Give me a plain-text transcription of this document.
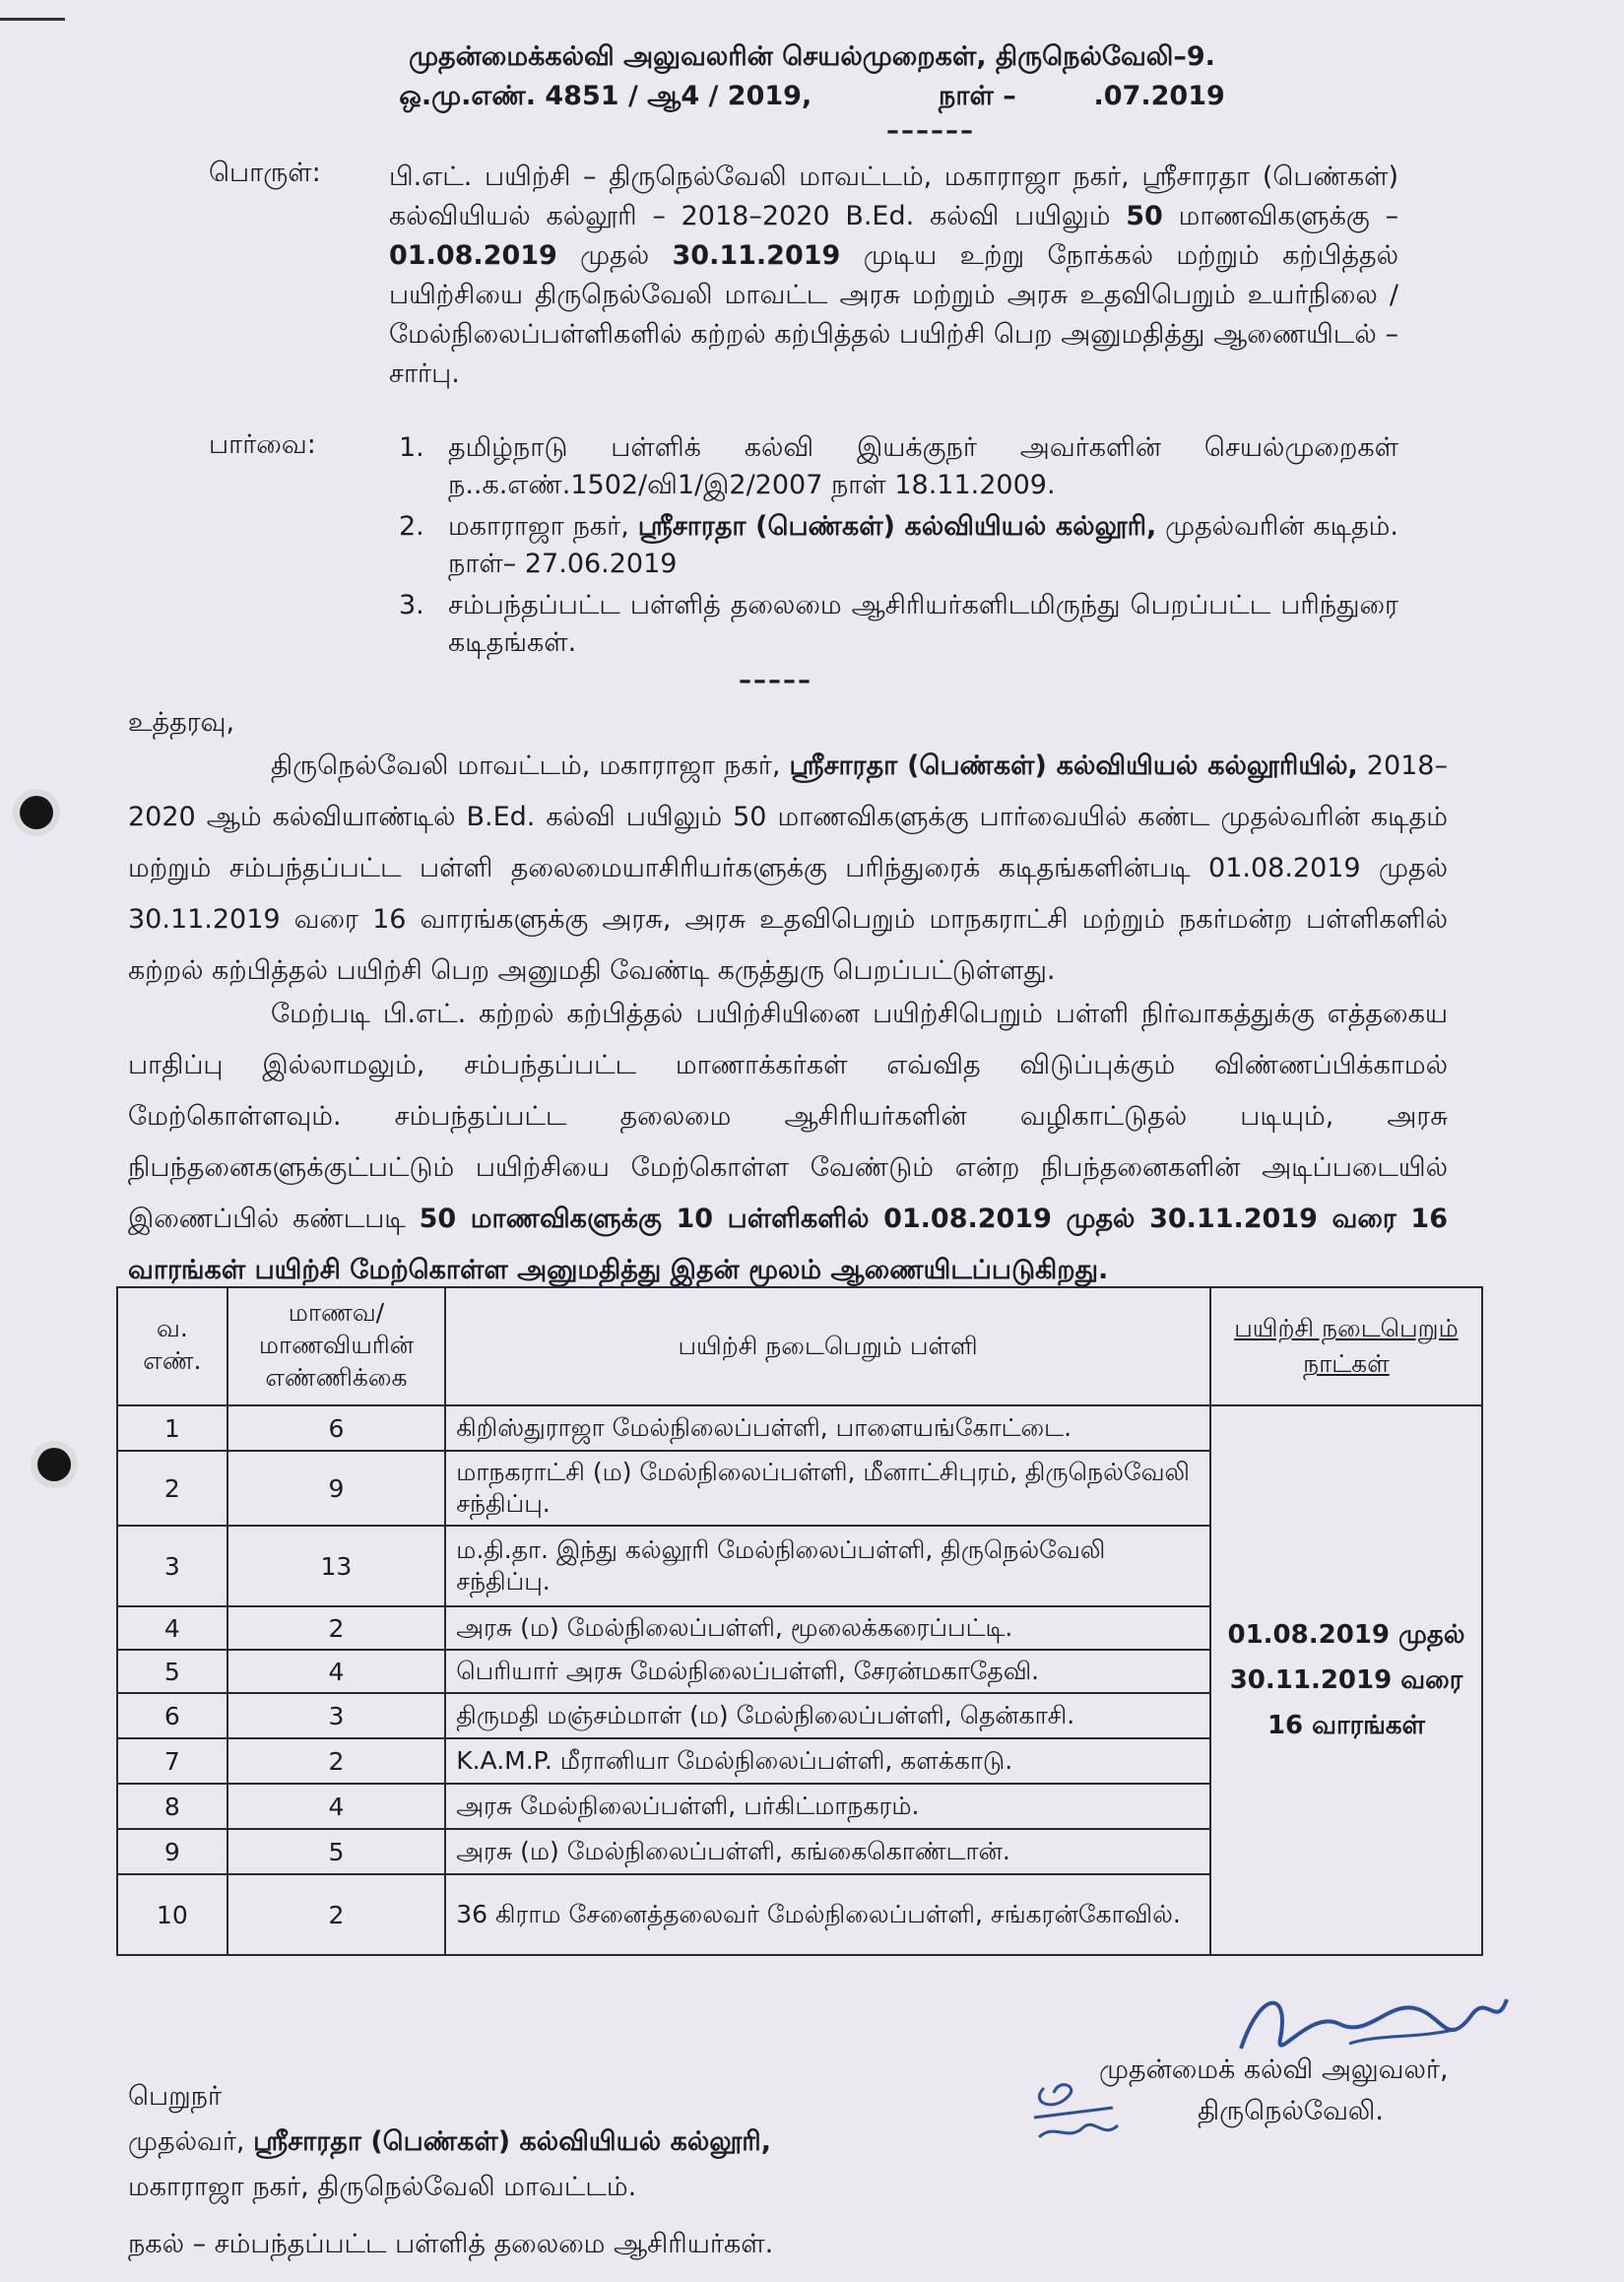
முதன்மைக்கல்வி அலுவலரின் செயல்முறைகள், திருநெல்வேலி–9.
ஒ.மு.எண். 4851 / ஆ4 / 2019,	நாள் –	.07.2019
––––––
பொருள்:	பி.எட். பயிற்சி – திருநெல்வேலி மாவட்டம், மகாராஜா நகர், ஸ்ரீசாரதா (பெண்கள்) கல்வியியல் கல்லூரி – 2018–2020 B.Ed. கல்வி பயிலும் 50 மாணவிகளுக்கு – 01.08.2019 முதல் 30.11.2019 முடிய உற்று நோக்கல் மற்றும் கற்பித்தல் பயிற்சியை திருநெல்வேலி மாவட்ட அரசு மற்றும் அரசு உதவிபெறும் உயர்நிலை / மேல்நிலைப்பள்ளிகளில் கற்றல் கற்பித்தல் பயிற்சி பெற அனுமதித்து ஆணையிடல் – சார்பு.
பார்வை:	1. தமிழ்நாடு பள்ளிக் கல்வி இயக்குநர் அவர்களின் செயல்முறைகள் ந..க.எண்.1502/வி1/இ2/2007 நாள் 18.11.2009.
2. மகாராஜா நகர், ஸ்ரீசாரதா (பெண்கள்) கல்வியியல் கல்லூரி, முதல்வரின் கடிதம். நாள்– 27.06.2019
3. சம்பந்தப்பட்ட பள்ளித் தலைமை ஆசிரியர்களிடமிருந்து பெறப்பட்ட பரிந்துரை கடிதங்கள்.
–––––
உத்தரவு,
திருநெல்வேலி மாவட்டம், மகாராஜா நகர், ஸ்ரீசாரதா (பெண்கள்) கல்வியியல் கல்லூரியில், 2018–2020 ஆம் கல்வியாண்டில் B.Ed. கல்வி பயிலும் 50 மாணவிகளுக்கு பார்வையில் கண்ட முதல்வரின் கடிதம் மற்றும் சம்பந்தப்பட்ட பள்ளி தலைமையாசிரியர்களுக்கு பரிந்துரைக் கடிதங்களின்படி 01.08.2019 முதல் 30.11.2019 வரை 16 வாரங்களுக்கு அரசு, அரசு உதவிபெறும் மாநகராட்சி மற்றும் நகர்மன்ற பள்ளிகளில் கற்றல் கற்பித்தல் பயிற்சி பெற அனுமதி வேண்டி கருத்துரு பெறப்பட்டுள்ளது.
மேற்படி பி.எட். கற்றல் கற்பித்தல் பயிற்சியினை பயிற்சிபெறும் பள்ளி நிர்வாகத்துக்கு எத்தகைய பாதிப்பு இல்லாமலும், சம்பந்தப்பட்ட மாணாக்கர்கள் எவ்வித விடுப்புக்கும் விண்ணப்பிக்காமல் மேற்கொள்ளவும். சம்பந்தப்பட்ட தலைமை ஆசிரியர்களின் வழிகாட்டுதல் படியும், அரசு நிபந்தனைகளுக்குட்பட்டும் பயிற்சியை மேற்கொள்ள வேண்டும் என்ற நிபந்தனைகளின் அடிப்படையில் இணைப்பில் கண்டபடி 50 மாணவிகளுக்கு 10 பள்ளிகளில் 01.08.2019 முதல் 30.11.2019 வரை 16 வாரங்கள் பயிற்சி மேற்கொள்ள அனுமதித்து இதன் மூலம் ஆணையிடப்படுகிறது.
வ. எண்.	மாணவ/ மாணவியரின் எண்ணிக்கை	பயிற்சி நடைபெறும் பள்ளி	பயிற்சி நடைபெறும் நாட்கள்
1	6	கிறிஸ்துராஜா மேல்நிலைப்பள்ளி, பாளையங்கோட்டை.	01.08.2019 முதல்
30.11.2019 வரை
16 வாரங்கள்

2	9	மாநகராட்சி (ம) மேல்நிலைப்பள்ளி, மீனாட்சிபுரம், திருநெல்வேலி சந்திப்பு.	
3	13	ம.தி.தா. இந்து கல்லூரி மேல்நிலைப்பள்ளி, திருநெல்வேலி சந்திப்பு.	
4	2	அரசு (ம) மேல்நிலைப்பள்ளி, மூலைக்கரைப்பட்டி.	
5	4	பெரியார் அரசு மேல்நிலைப்பள்ளி, சேரன்மகாதேவி.	
6	3	திருமதி மஞ்சம்மாள் (ம) மேல்நிலைப்பள்ளி, தென்காசி.	
7	2	K.A.M.P. மீரானியா மேல்நிலைப்பள்ளி, களக்காடு.	
8	4	அரசு மேல்நிலைப்பள்ளி, பர்கிட்மாநகரம்.	
9	5	அரசு (ம) மேல்நிலைப்பள்ளி, கங்கைகொண்டான்.	
10	2	36 கிராம சேனைத்தலைவர் மேல்நிலைப்பள்ளி, சங்கரன்கோவில்.	
முதன்மைக் கல்வி அலுவலர்,
திருநெல்வேலி.
பெறுநர்
முதல்வர், ஸ்ரீசாரதா (பெண்கள்) கல்வியியல் கல்லூரி,
மகாராஜா நகர், திருநெல்வேலி மாவட்டம்.
நகல் – சம்பந்தப்பட்ட பள்ளித் தலைமை ஆசிரியர்கள்.
